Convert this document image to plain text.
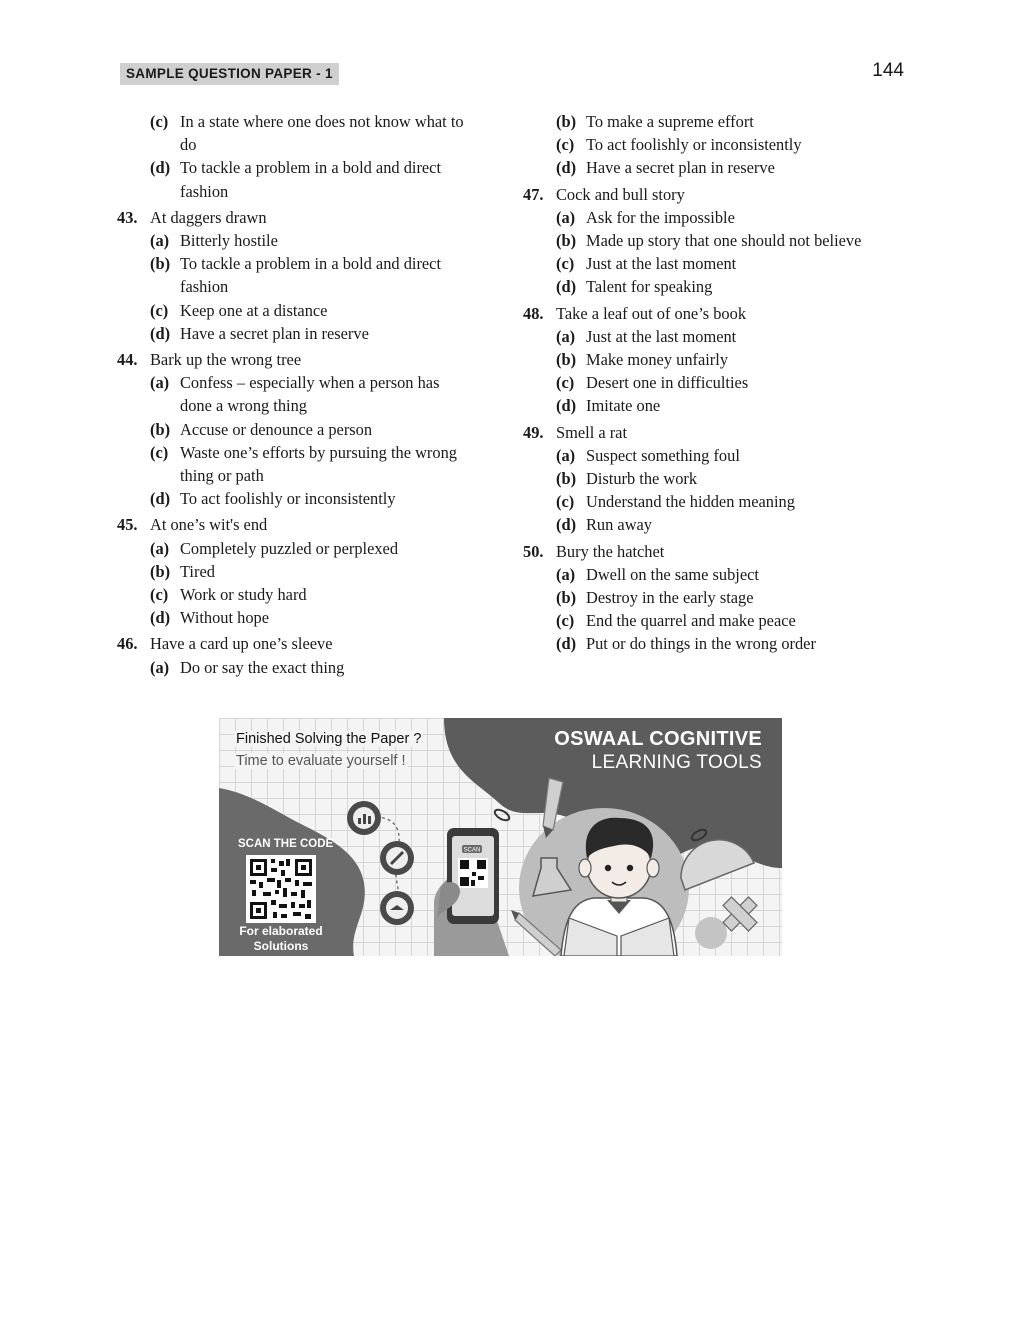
SAMPLE QUESTION PAPER - 1	144
(c) In a state where one does not know what to
do
(d) To tackle a problem in a bold and direct
fashion
43. At daggers drawn
(a) Bitterly hostile
(b) To tackle a problem in a bold and direct
fashion
(c) Keep one at a distance
(d) Have a secret plan in reserve
44. Bark up the wrong tree
(a) Confess – especially when a person has
done a wrong thing
(b) Accuse or denounce a person
(c) Waste one’s efforts by pursuing the wrong
thing or path
(d) To act foolishly or inconsistently
45. At one’s wit's end
(a) Completely puzzled or perplexed
(b) Tired
(c) Work or study hard
(d) Without hope
46. Have a card up one’s sleeve
(a) Do or say the exact thing
(b) To make a supreme effort
(c) To act foolishly or inconsistently
(d) Have a secret plan in reserve
47. Cock and bull story
(a) Ask for the impossible
(b) Made up story that one should not believe
(c) Just at the last moment
(d) Talent for speaking
48. Take a leaf out of one’s book
(a) Just at the last moment
(b) Make money unfairly
(c) Desert one in difficulties
(d) Imitate one
49. Smell a rat
(a) Suspect something foul
(b) Disturb the work
(c) Understand the hidden meaning
(d) Run away
50. Bury the hatchet
(a) Dwell on the same subject
(b) Destroy in the early stage
(c) End the quarrel and make peace
(d) Put or do things in the wrong order
SCAN
Finished Solving the Paper ?
Time to evaluate yourself !
OSWAAL COGNITIVE
LEARNING TOOLS
SCAN THE CODE
For elaborated
Solutions
